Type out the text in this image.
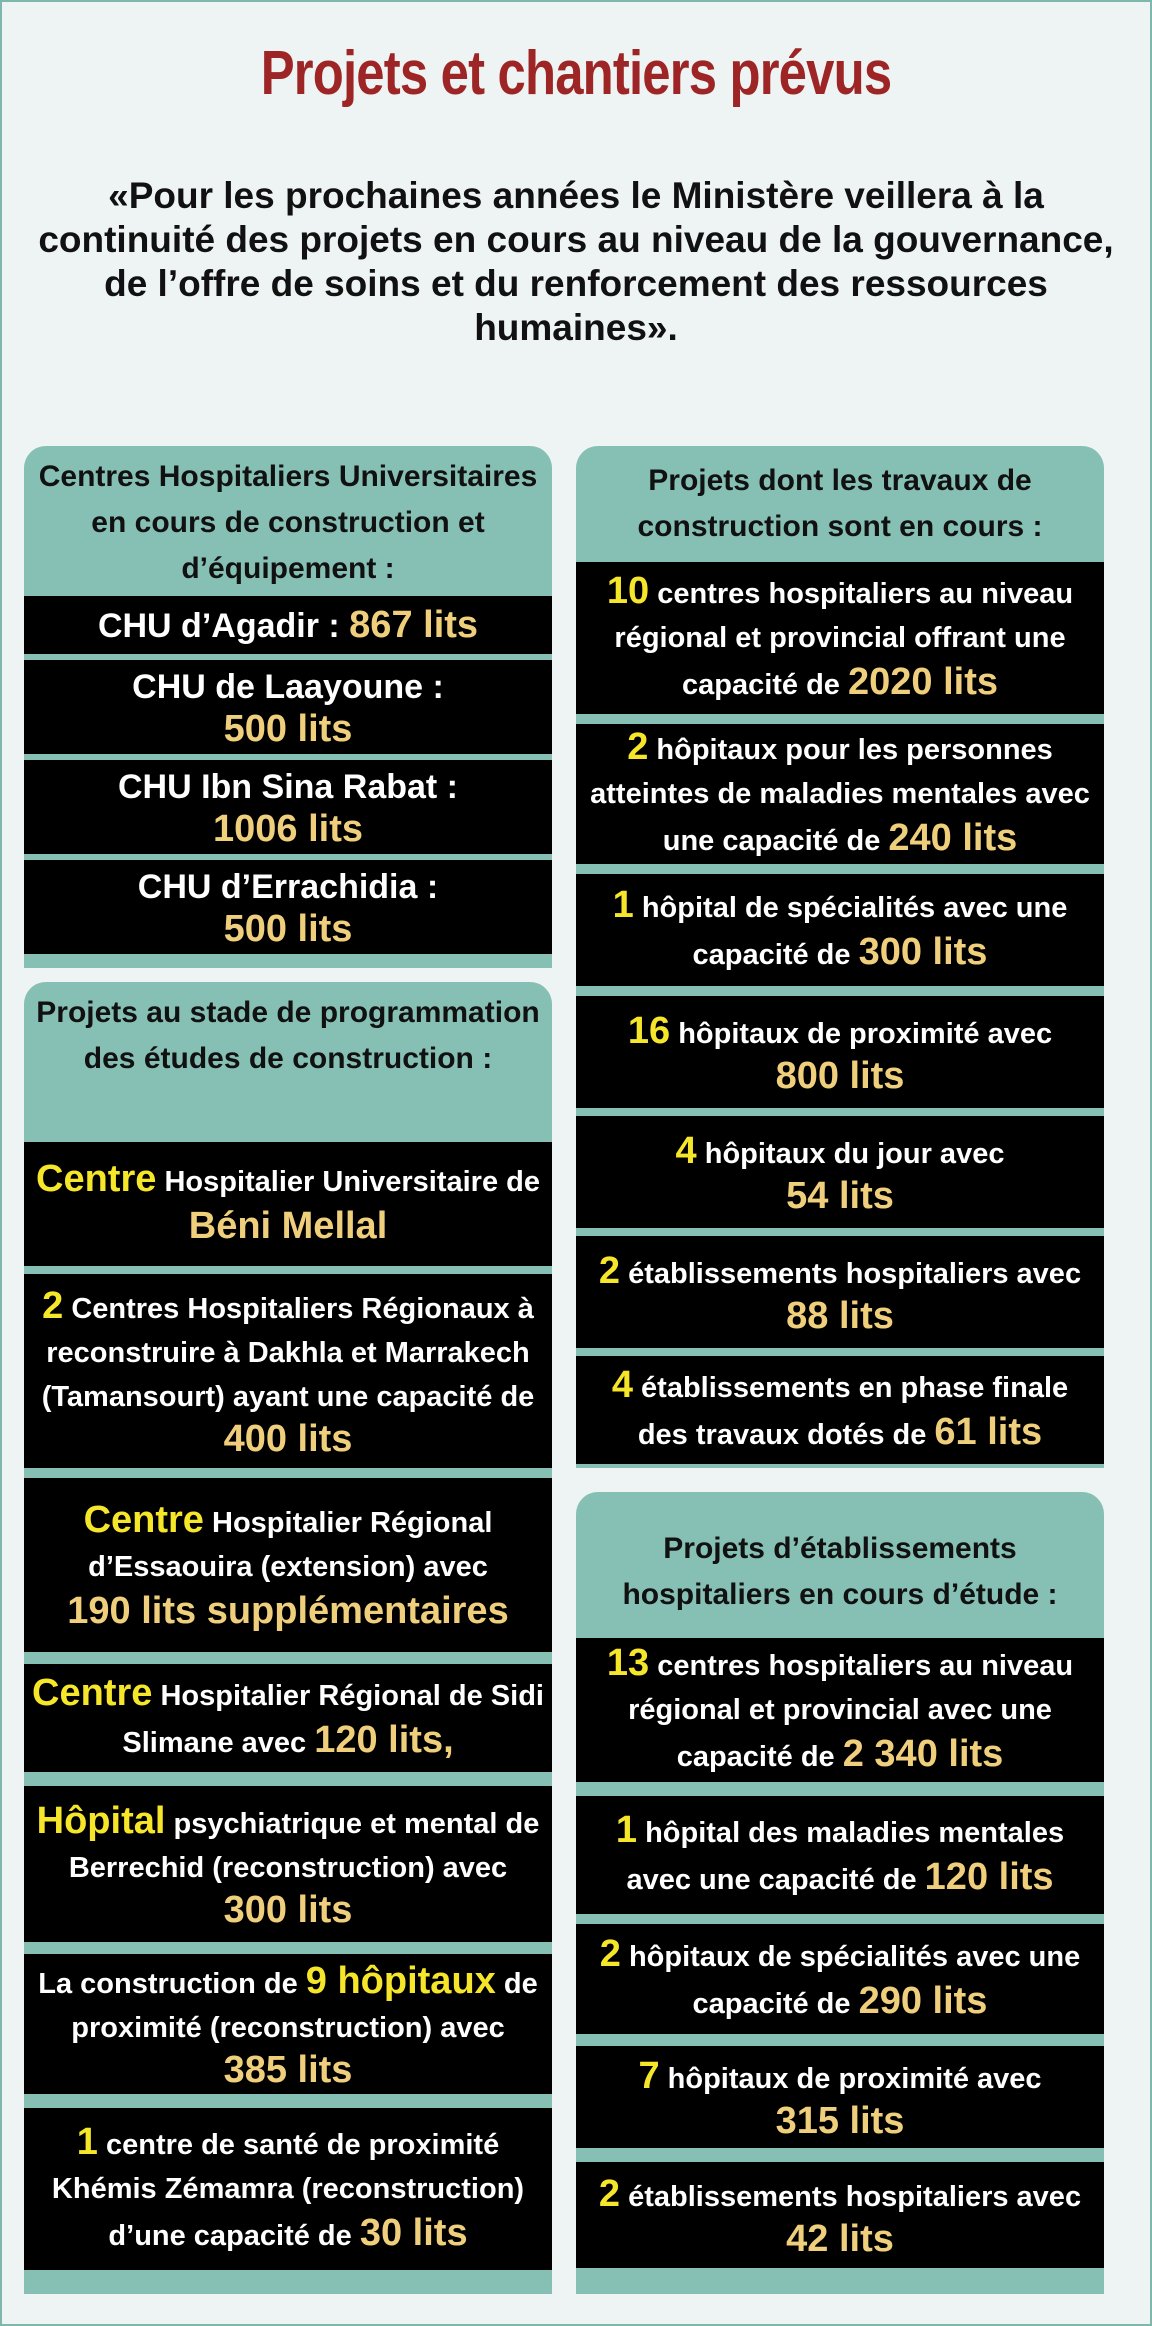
Projets et chantiers prévus
«Pour les prochaines années le Ministère veillera à la continuité des projets en cours au niveau de la gouvernance, de l’offre de soins et du renforcement des ressources humaines».
Centres Hospitaliers Universitaires en cours de construction et d’équipement :
CHU d’Agadir : 867 lits
CHU de Laayoune :
500 lits
CHU Ibn Sina Rabat :
1006 lits
CHU d’Errachidia :
500 lits
Projets au stade de programmation des études de construction :
Centre Hospitalier Universitaire de Béni Mellal
2 Centres Hospitaliers Régionaux à reconstruire à Dakhla et Marrakech (Tamansourt) ayant une capacité de
400 lits
Centre Hospitalier Régional d’Essaouira (extension) avec
190 lits supplémentaires
Centre Hospitalier Régional de Sidi Slimane avec 120 lits,
Hôpital psychiatrique et mental de Berrechid (reconstruction) avec
300 lits
La construction de 9 hôpitaux de proximité (reconstruction) avec
385 lits
1 centre de santé de proximité Khémis Zémamra (reconstruction) d’une capacité de 30 lits
Projets dont les travaux de construction sont en cours :
10 centres hospitaliers au niveau régional et provincial offrant une capacité de 2020 lits
2 hôpitaux pour les personnes atteintes de maladies mentales avec une capacité de 240 lits
1 hôpital de spécialités avec une capacité de 300 lits
16 hôpitaux de proximité avec
800 lits
4 hôpitaux du jour avec
54 lits
2 établissements hospitaliers avec
88 lits
4 établissements en phase finale des travaux dotés de 61 lits
Projets d’établissements hospitaliers en cours d’étude :
13 centres hospitaliers au niveau régional et provincial avec une capacité de 2 340 lits
1 hôpital des maladies mentales avec une capacité de 120 lits
2 hôpitaux de spécialités avec une capacité de 290 lits
7 hôpitaux de proximité avec
315 lits
2 établissements hospitaliers avec
42 lits
